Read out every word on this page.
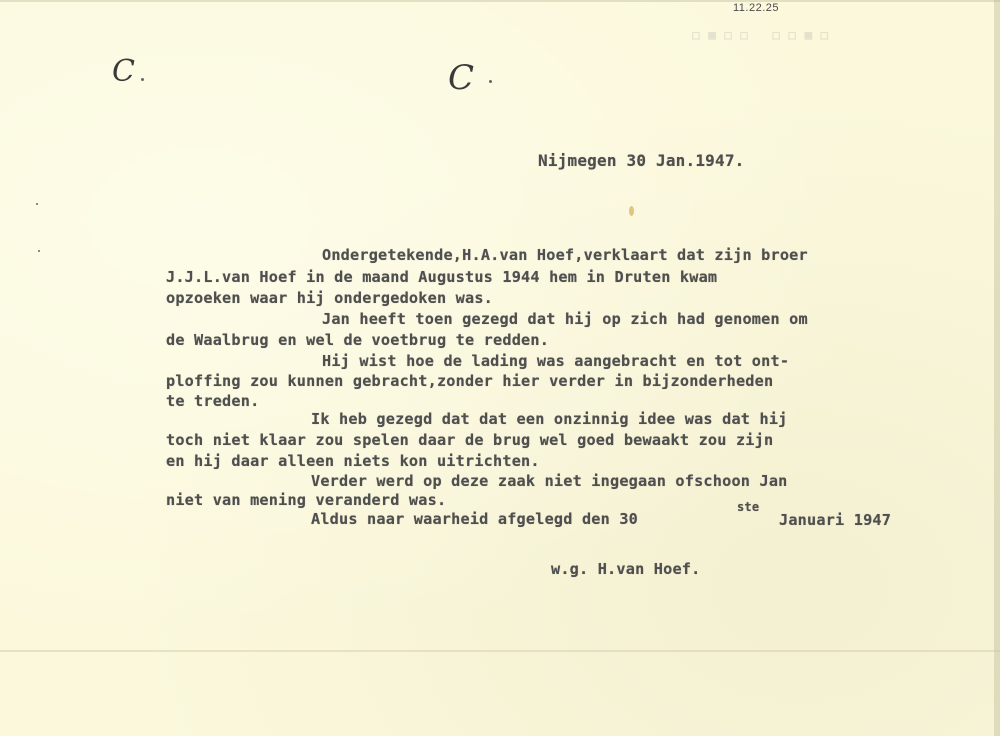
11.22.25
▫▪▫▫ ▫▫▪▫
C	C
Nijmegen 30 Jan.1947.

Ondergetekende,H.A.van Hoef,verklaart dat zijn broer

J.J.L.van Hoef in de maand Augustus 1944 hem in Druten kwam

opzoeken waar hij ondergedoken was.

Jan heeft toen gezegd dat hij op zich had genomen om

de Waalbrug en wel de voetbrug te redden.

Hij wist hoe de lading was aangebracht en tot ont-

ploffing zou kunnen gebracht,zonder hier verder in bijzonderheden

te treden.

Ik heb gezegd dat dat een onzinnig idee was dat hij

toch niet klaar zou spelen daar de brug wel goed bewaakt zou zijn

en hij daar alleen niets kon uitrichten.

Verder werd op deze zaak niet ingegaan ofschoon Jan

niet van mening veranderd was.

Aldus naar waarheid afgelegd den 30

ste

Januari 1947

w.g. H.van Hoef.
